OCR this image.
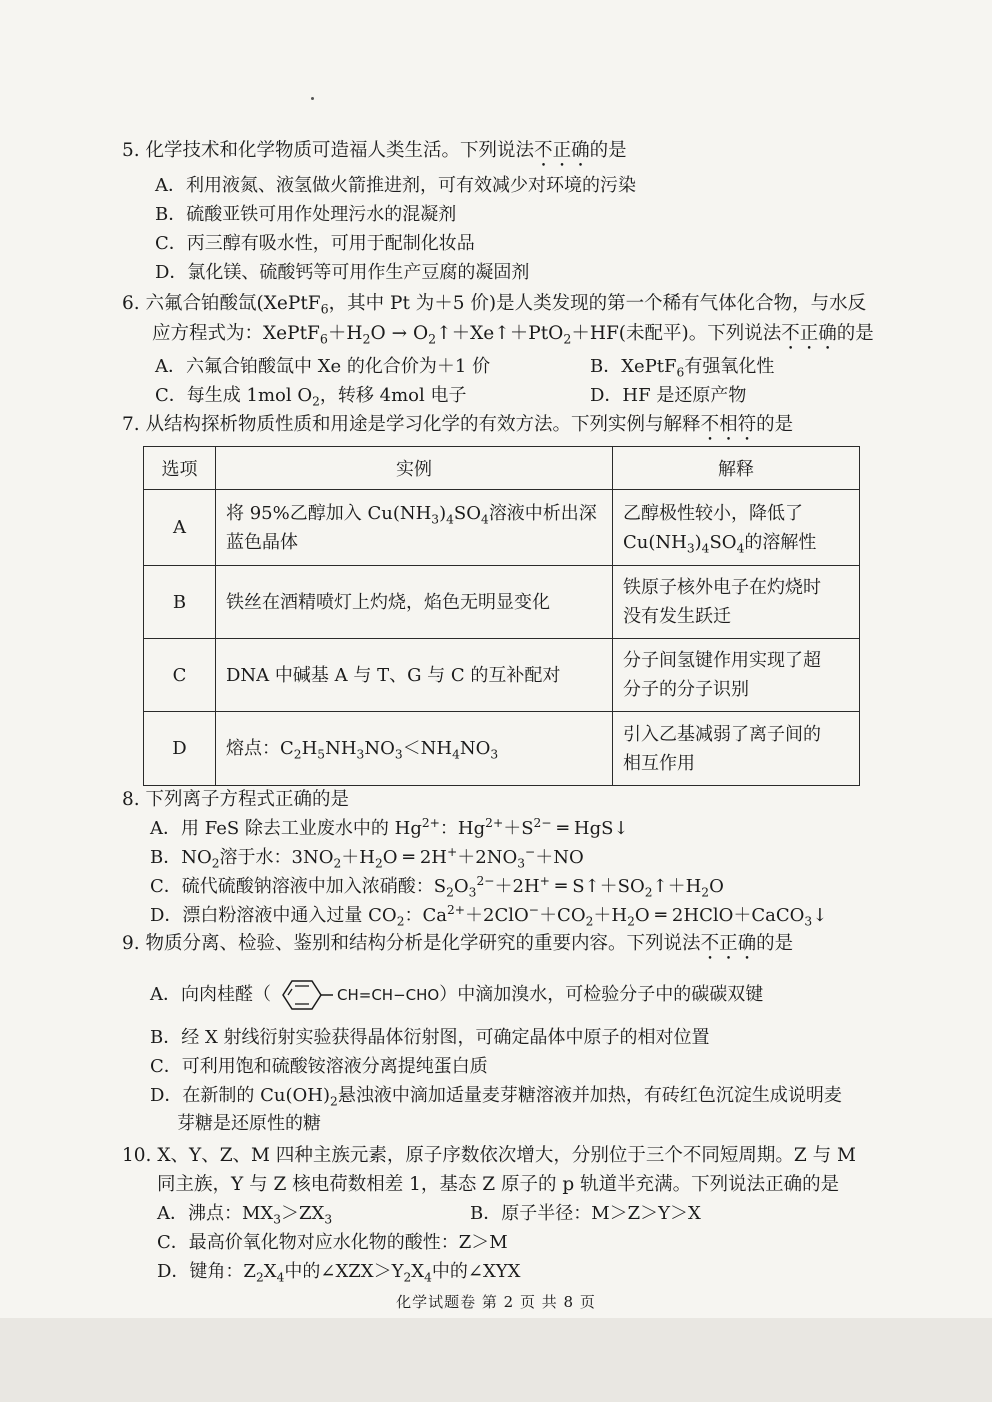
5. 化学技术和化学物质可造福人类生活。下列说法不正确的是
A．利用液氮、液氢做火箭推进剂，可有效减少对环境的污染
B．硫酸亚铁可用作处理污水的混凝剂
C．丙三醇有吸水性，可用于配制化妆品
D．氯化镁、硫酸钙等可用作生产豆腐的凝固剂
6. 六氟合铂酸氙(XePtF$_6$，其中 Pt 为＋5 价)是人类发现的第一个稀有气体化合物，与水反
应方程式为：$XePtF_6+H_2O$ → $O_2↑+Xe↑+PtO_2+HF$(未配平)。下列说法不正确的是
A．六氟合铂酸氙中 Xe 的化合价为＋1 价	B．XePtF$_6$有强氧化性
C．每生成 1mol $O_2$，转移 4mol 电子	D．HF 是还原产物
7. 从结构探析物质性质和用途是学习化学的有效方法。下列实例与解释不相符的是
选项	实例	解释
A	将 95%乙醇加入 $Cu(NH_3)_4SO_4$溶液中析出深
蓝色晶体	乙醇极性较小，降低了
$Cu(NH_3)_4SO_4$的溶解性
B	铁丝在酒精喷灯上灼烧，焰色无明显变化	铁原子核外电子在灼烧时
没有发生跃迁
C	DNA 中碱基 A 与 T、G 与 C 的互补配对	分子间氢键作用实现了超
分子的分子识别
D	熔点：$C_2H_5NH_3NO_3<NH_4NO_3$	引入乙基减弱了离子间的
相互作用
8. 下列离子方程式正确的是
A．用 FeS 除去工业废水中的 $Hg^{2+}$：$Hg^{2+}+S^{2-}$ ═ HgS↓
B．$NO_2$溶于水：$3NO_2+H_2O$ ═ $2H^++2NO_3^-+NO$
C．硫代硫酸钠溶液中加入浓硝酸：$S_2O_3^{2-}+2H^+$ ═ $S↑+SO_2↑+H_2O$
D．漂白粉溶液中通入过量 $CO_2$：$Ca^{2+}+2ClO^-+CO_2+H_2O$ ═ 2HClO＋CaCO$_3$↓
9. 物质分离、检验、鉴别和结构分析是化学研究的重要内容。下列说法不正确的是
A．向肉桂醛（	CH=CH−CHO）中滴加溴水，可检验分子中的碳碳双键
B．经 X 射线衍射实验获得晶体衍射图，可确定晶体中原子的相对位置
C．可利用饱和硫酸铵溶液分离提纯蛋白质
D．在新制的 $Cu(OH)_2$悬浊液中滴加适量麦芽糖溶液并加热，有砖红色沉淀生成说明麦
芽糖是还原性的糖
10. X、Y、Z、M 四种主族元素，原子序数依次增大，分别位于三个不同短周期。Z 与 M
同主族，Y 与 Z 核电荷数相差 1，基态 Z 原子的 p 轨道半充满。下列说法正确的是
A．沸点：$MX_3>ZX_3$	B．原子半径：M＞Z＞Y＞X
C．最高价氧化物对应水化物的酸性：Z＞M
D．键角：$Z_2X_4$中的$\angle XZX>Y_2X_4$中的∠XYX
化学试题卷 第 2 页 共 8 页
